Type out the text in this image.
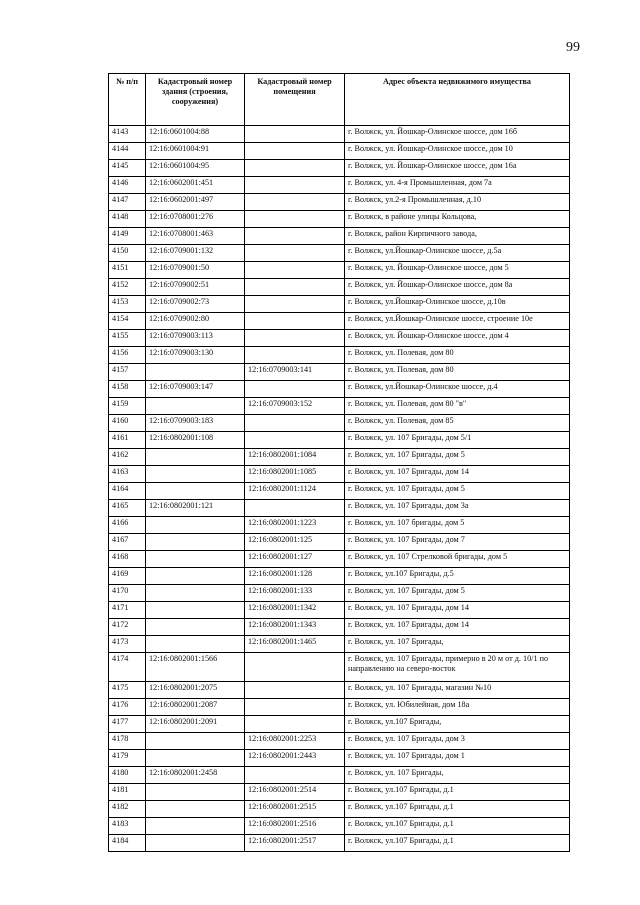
99
№ п/п	Кадастровый номер здания (строения, сооружения)	Кадастровый номер помещения	Адрес объекта недвижимого имущества
4143	12:16:0601004:88		г. Волжск, ул. Йошкар-Олинское шоссе, дом 16б
4144	12:16:0601004:91		г. Волжск, ул. Йошкар-Олинское шоссе, дом 10
4145	12:16:0601004:95		г. Волжск, ул. Йошкар-Олинское шоссе, дом 16а
4146	12:16:0602001:451		г. Волжск, ул. 4-я Промышленная, дом 7а
4147	12:16:0602001:497		г. Волжск, ул.2-я Промышленная, д.10
4148	12:16:0708001:276		г. Волжск, в районе улицы Кольцова,
4149	12:16:0708001:463		г. Волжск, район Кирпичного завода,
4150	12:16:0709001:132		г. Волжск, ул.Йошкар-Олинское шоссе, д.5а
4151	12:16:0709001:50		г. Волжск, ул. Йошкар-Олинское шоссе, дом 5
4152	12:16:0709002:51		г. Волжск, ул. Йошкар-Олинское шоссе, дом 8а
4153	12:16:0709002:73		г. Волжск, ул.Йошкар-Олинское шоссе, д.10в
4154	12:16:0709002:80		г. Волжск, ул.Йошкар-Олинское шоссе, строение 10е
4155	12:16:0709003:113		г. Волжск, ул. Йошкар-Олинское шоссе, дом 4
4156	12:16:0709003:130		г. Волжск, ул. Полевая, дом 80
4157		12:16:0709003:141	г. Волжск, ул. Полевая, дом 80
4158	12:16:0709003:147		г. Волжск, ул.Йошкар-Олинское шоссе, д.4
4159		12:16:0709003:152	г. Волжск, ул. Полевая, дом 80 "в"
4160	12:16:0709003:183		г. Волжск, ул. Полевая, дом 85
4161	12:16:0802001:108		г. Волжск, ул. 107 Бригады, дом 5/1
4162		12:16:0802001:1084	г. Волжск, ул. 107 Бригады, дом 5
4163		12:16:0802001:1085	г. Волжск, ул. 107 Бригады, дом 14
4164		12:16:0802001:1124	г. Волжск, ул. 107 Бригады, дом 5
4165	12:16:0802001:121		г. Волжск, ул. 107 Бригады, дом 3а
4166		12:16:0802001:1223	г. Волжск, ул. 107 бригады, дом 5
4167		12:16:0802001:125	г. Волжск, ул. 107 Бригады, дом 7
4168		12:16:0802001:127	г. Волжск, ул. 107 Стрелковой бригады, дом 5
4169		12:16:0802001:128	г. Волжск, ул.107 Бригады, д.5
4170		12:16:0802001:133	г. Волжск, ул. 107 Бригады, дом 5
4171		12:16:0802001:1342	г. Волжск, ул. 107 Бригады, дом 14
4172		12:16:0802001:1343	г. Волжск, ул. 107 Бригады, дом 14
4173		12:16:0802001:1465	г. Волжск, ул. 107 Бригады,
4174	12:16:0802001:1566		г. Волжск, ул. 107 Бригады, примерно в 20 м от д. 10/1 по направлению на северо-восток
4175	12:16:0802001:2075		г. Волжск, ул. 107 Бригады, магазин №10
4176	12:16:0802001:2087		г. Волжск, ул. Юбилейная, дом 18а
4177	12:16:0802001:2091		г. Волжск, ул.107 Бригады,
4178		12:16:0802001:2253	г. Волжск, ул. 107 Бригады, дом 3
4179		12:16:0802001:2443	г. Волжск, ул. 107 Бригады, дом 1
4180	12:16:0802001:2458		г. Волжск, ул. 107 Бригады,
4181		12:16:0802001:2514	г. Волжск, ул.107 Бригады, д.1
4182		12:16:0802001:2515	г. Волжск, ул.107 Бригады, д.1
4183		12:16:0802001:2516	г. Волжск, ул.107 Бригады, д.1
4184		12:16:0802001:2517	г. Волжск, ул.107 Бригады, д.1
